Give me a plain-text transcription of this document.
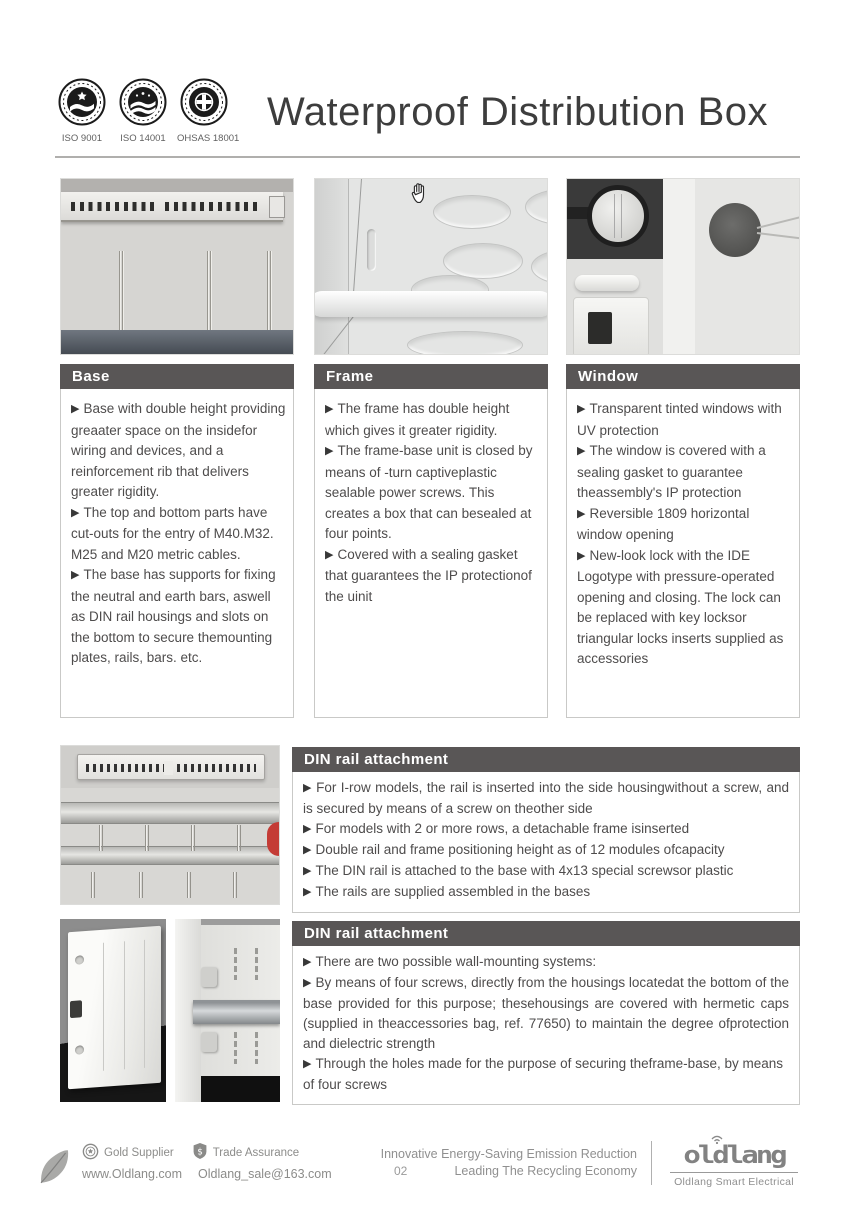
ISO 9001	ISO 14001	OHSAS 18001
Waterproof Distribution Box
Base

▶ Base with double height providing greaater space on the insidefor wiring and devices, and a reinforcement rib that delivers greater rigidity.

▶ The top and bottom parts have cut-outs for the entry of M40.M32. M25 and M20 metric cables.

▶ The base has supports for fixing the neutral and earth bars, aswell as DIN rail housings and slots on the bottom to secure themounting plates, rails, bars. etc.

Frame

▶ The frame has double height which gives it greater rigidity.

▶ The frame-base unit is closed by means of -turn captiveplastic sealable power screws. This creates a box that can besealed at four points.

▶ Covered with a sealing gasket that guarantees the IP protectionof the uinit

Window

▶ Transparent tinted windows with UV protection

▶ The window is covered with a sealing gasket to guarantee theassembly's IP protection

▶ Reversible 1809 horizontal window opening

▶ New-look lock with the IDE Logotype with pressure-operated opening and closing. The lock can be replaced with key locksor triangular locks inserts supplied as accessories

DIN rail attachment

▶ For I-row models, the rail is inserted into the side housingwithout a screw, and is secured by means of a screw on theother side

▶ For models with 2 or more rows, a detachable frame isinserted

▶ Double rail and frame positioning height as of 12 modules ofcapacity

▶ The DIN rail is attached to the base with 4x13 special screwsor plastic

▶ The rails are supplied assembled in the bases

DIN rail attachment

▶ There are two possible wall-mounting systems:

▶ By means of four screws, directly from the housings locatedat the bottom of the base provided for this purpose; thesehousings are covered with hermetic caps (supplied in theaccessories bag, ref. 77650) to maintain the degree ofprotection and dielectric strength

▶ Through the holes made for the purpose of securing theframe-base, by means of four screws

Gold Supplier $ Trade Assurance
www.Oldlang.com Oldlang_sale@163.com	02
Innovative Energy-Saving Emission Reduction
Leading The Recycling Economy
oldlang
Oldlang Smart Electrical
